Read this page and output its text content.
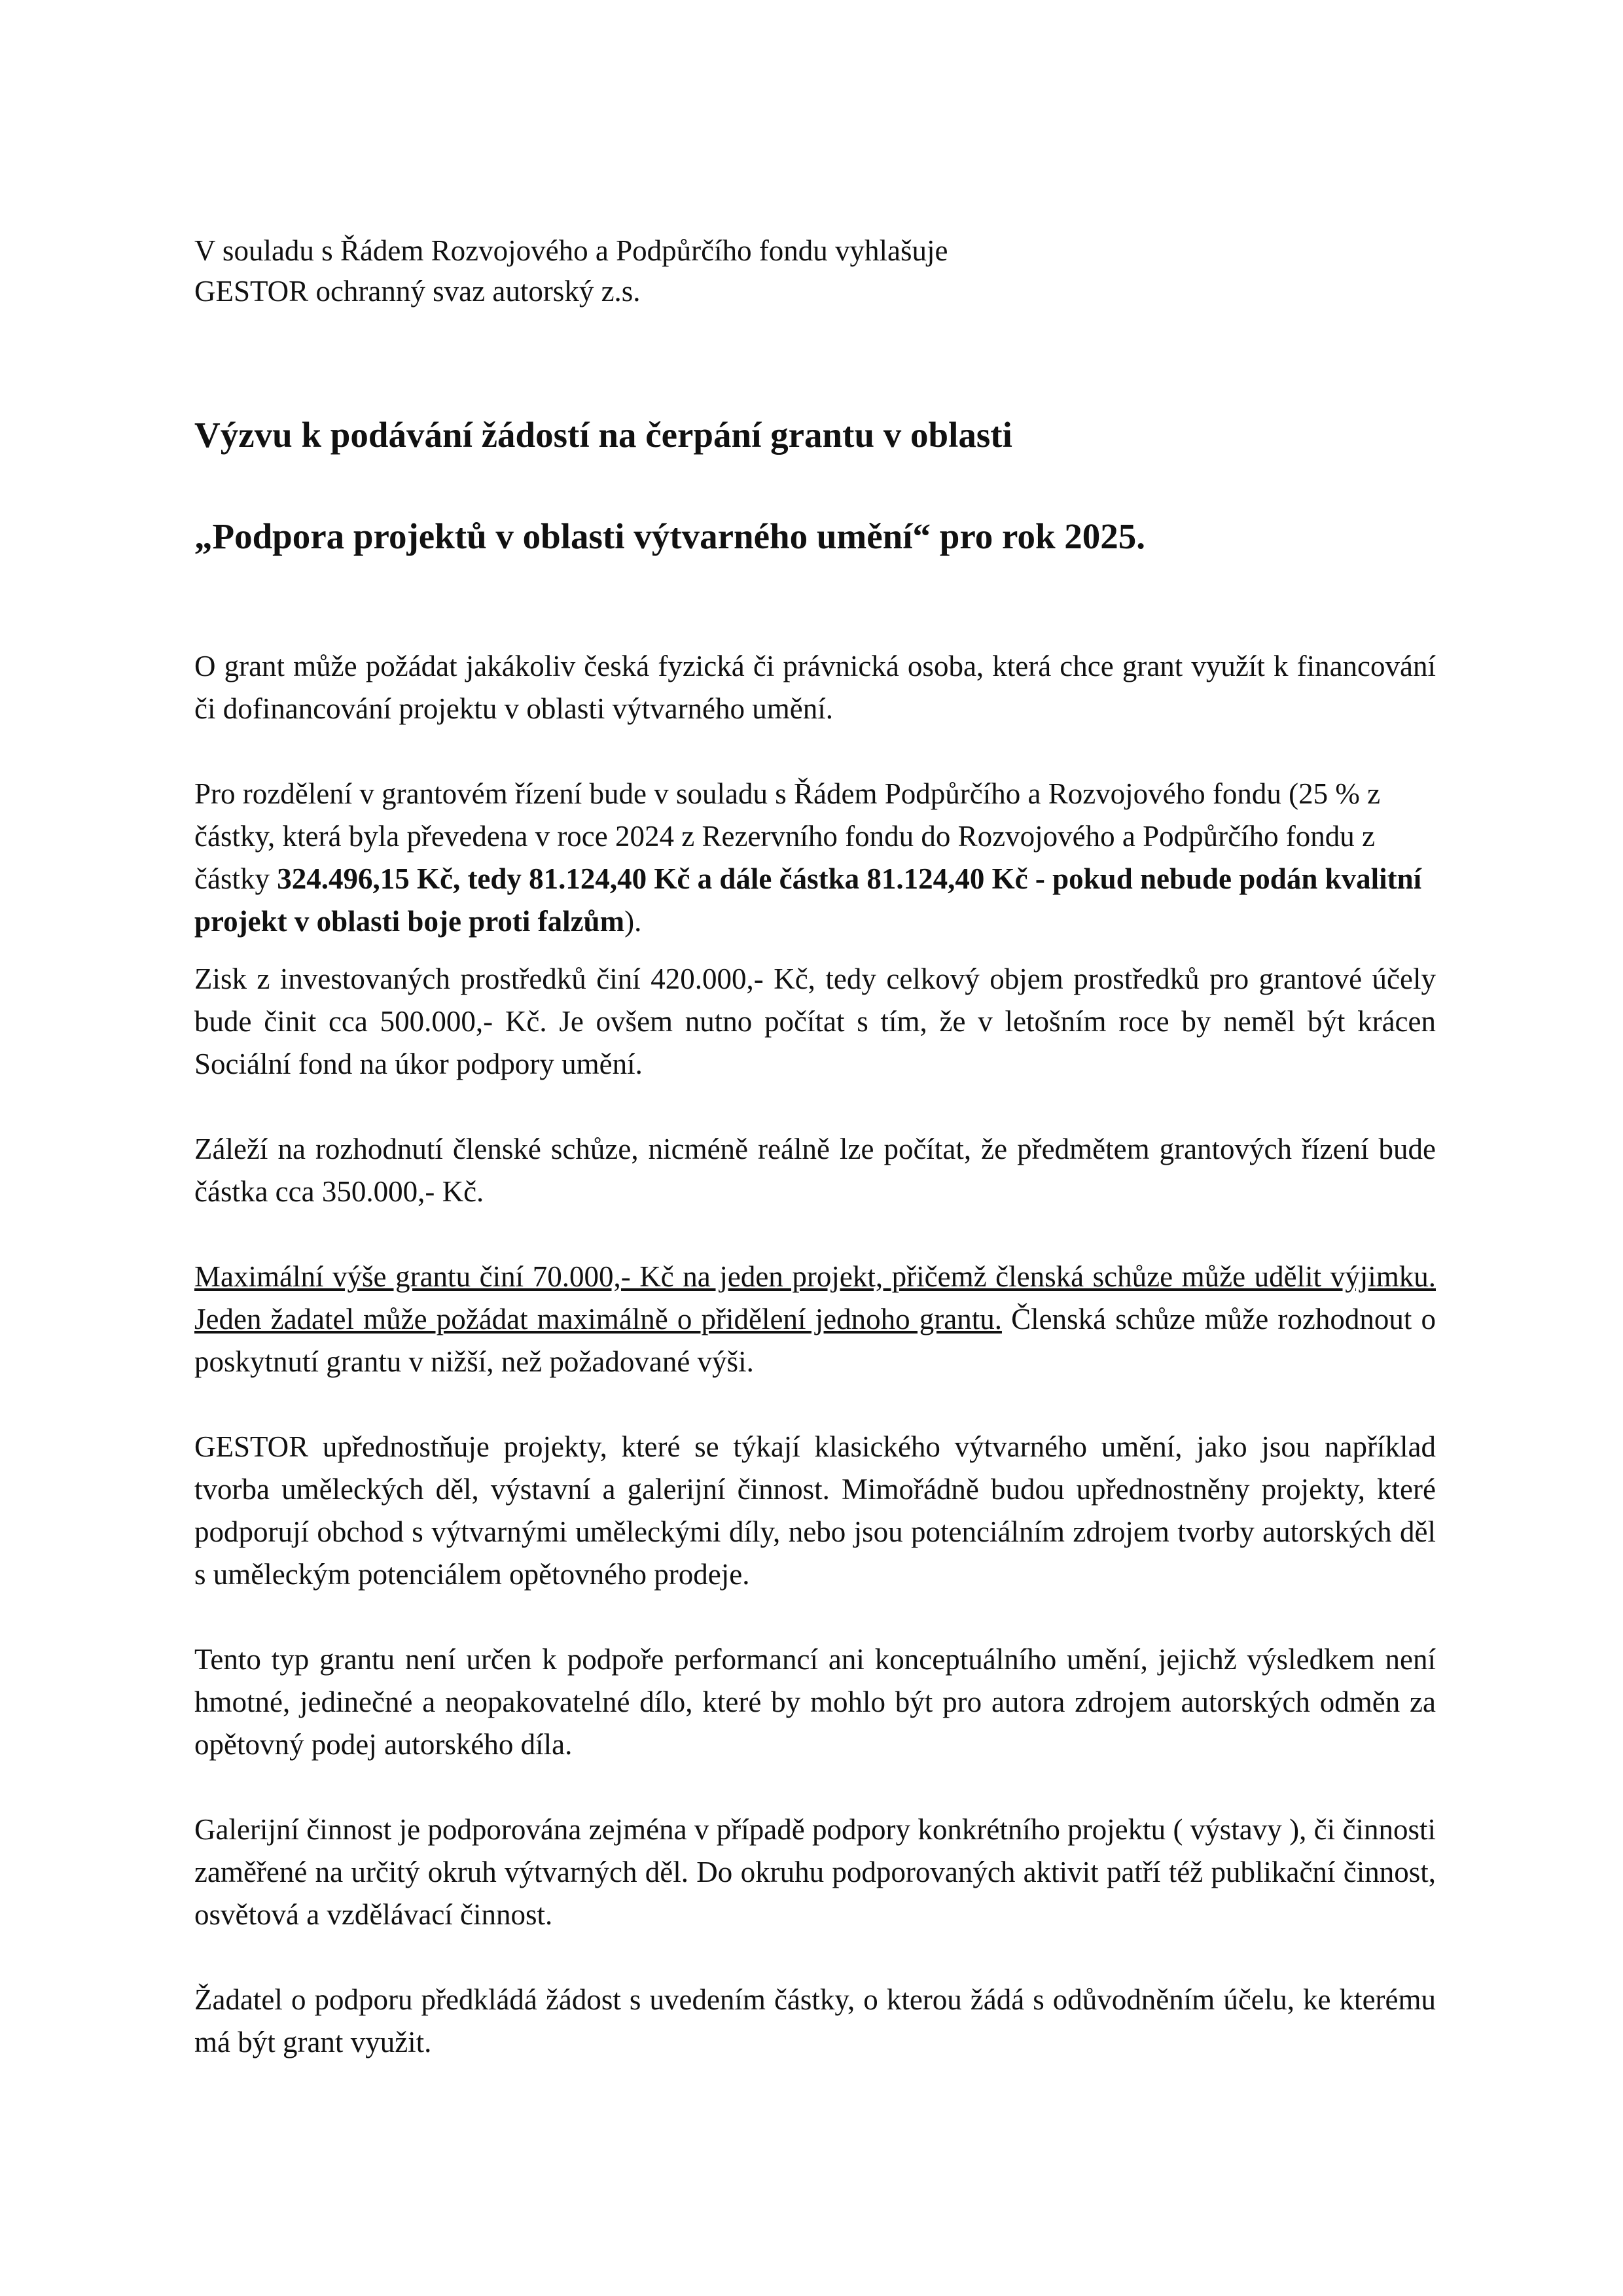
V souladu s Řádem Rozvojového a Podpůrčího fondu vyhlašuje
GESTOR ochranný svaz autorský z.s.
Výzvu k podávání žádostí na čerpání grantu v oblasti
„Podpora projektů v oblasti výtvarného umění“ pro rok 2025.

O grant může požádat jakákoliv česká fyzická či právnická osoba, která chce grant využít k financování či dofinancování projektu v oblasti výtvarného umění.

Pro rozdělení v grantovém řízení bude v souladu s Řádem Podpůrčího a Rozvojového fondu (25 % z částky, která byla převedena v roce 2024 z Rezervního fondu do Rozvojového a Podpůrčího fondu z částky 324.496,15 Kč, tedy 81.124,40 Kč a dále částka 81.124,40 Kč - pokud nebude podán kvalitní projekt v oblasti boje proti falzům).

Zisk z investovaných prostředků činí 420.000,- Kč, tedy celkový objem prostředků pro grantové účely bude činit cca 500.000,- Kč. Je ovšem nutno počítat s tím, že v letošním roce by neměl být krácen Sociální fond na úkor podpory umění.

Záleží na rozhodnutí členské schůze, nicméně reálně lze počítat, že předmětem grantových řízení bude částka cca 350.000,- Kč.

Maximální výše grantu činí 70.000,- Kč na jeden projekt, přičemž členská schůze může udělit výjimku. Jeden žadatel může požádat maximálně o přidělení jednoho grantu. Členská schůze může rozhodnout o poskytnutí grantu v nižší, než požadované výši.

GESTOR upřednostňuje projekty, které se týkají klasického výtvarného umění, jako jsou například tvorba uměleckých děl, výstavní a galerijní činnost. Mimořádně budou upřednostněny projekty, které podporují obchod s výtvarnými uměleckými díly, nebo jsou potenciálním zdrojem tvorby autorských děl s uměleckým potenciálem opětovného prodeje.

Tento typ grantu není určen k podpoře performancí ani konceptuálního umění, jejichž výsledkem není hmotné, jedinečné a neopakovatelné dílo, které by mohlo být pro autora zdrojem autorských odměn za opětovný podej autorského díla.

Galerijní činnost je podporována zejména v případě podpory konkrétního projektu ( výstavy ), či činnosti zaměřené na určitý okruh výtvarných děl. Do okruhu podporovaných aktivit patří též publikační činnost, osvětová a vzdělávací činnost.

Žadatel o podporu předkládá žádost s uvedením částky, o kterou žádá s odůvodněním účelu, ke kterému má být grant využit.
